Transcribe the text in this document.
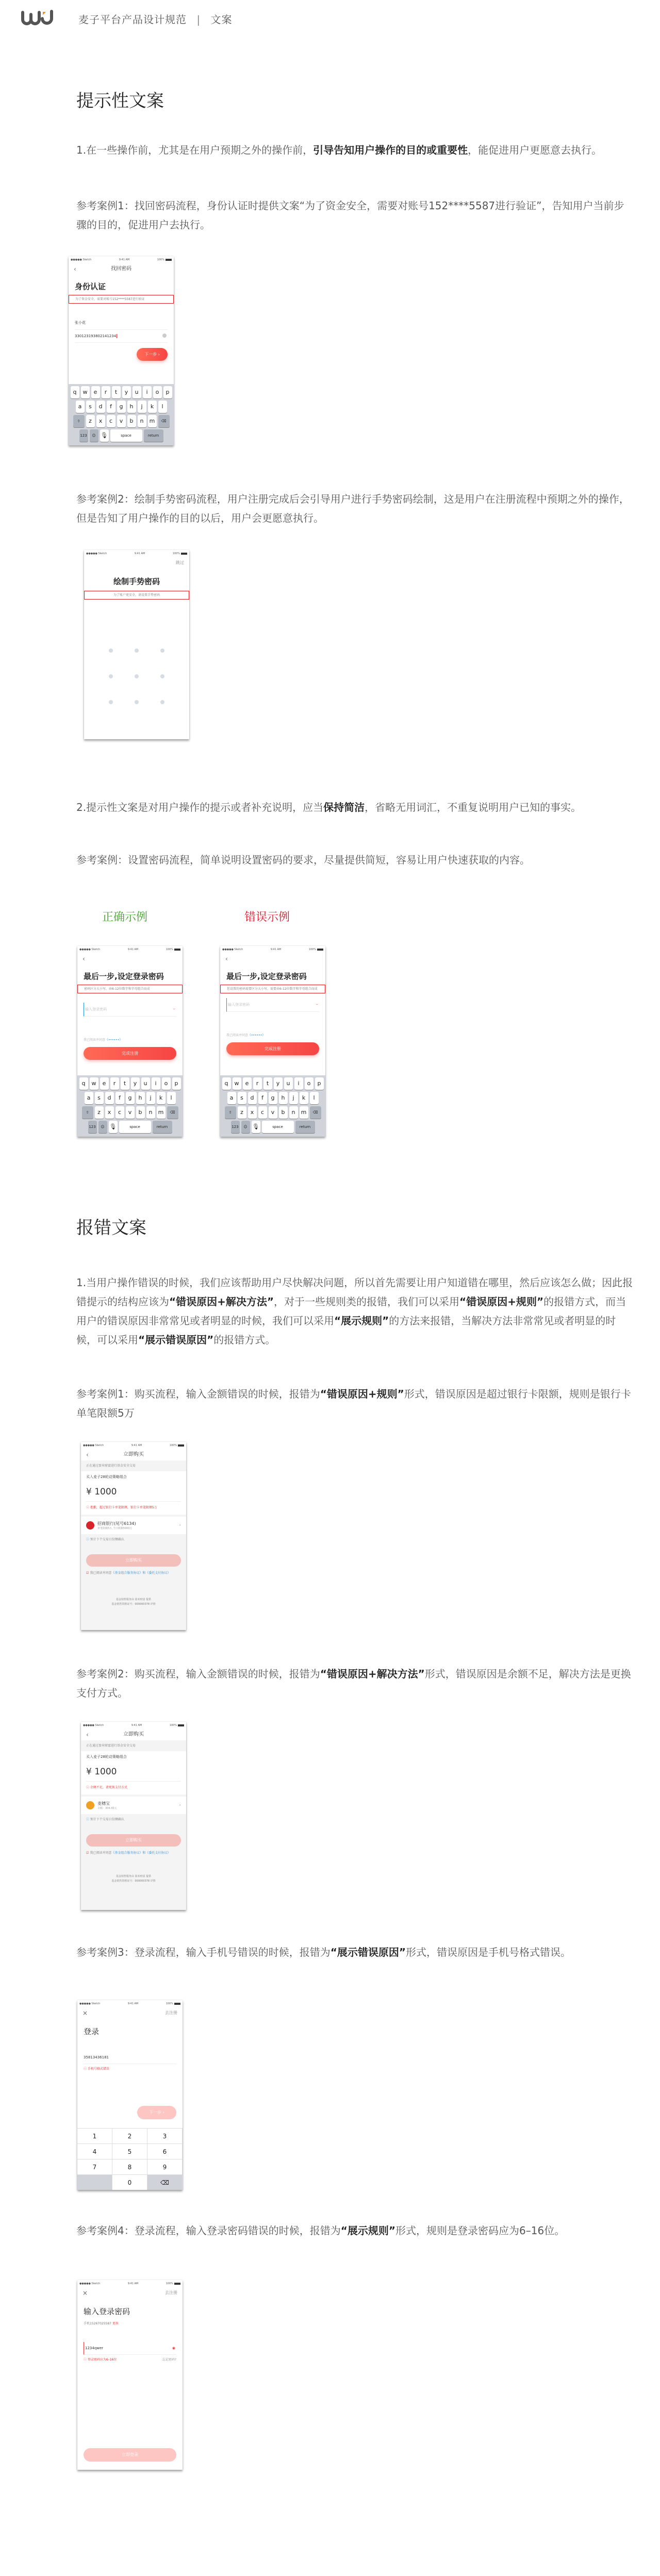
麦子平台产品设计规范 | 文案
提示性文案

1.在一些操作前，尤其是在用户预期之外的操作前，引导告知用户操作的目的或重要性，能促进用户更愿意去执行。

参考案例1：找回密码流程，身份认证时提供文案“为了资金安全，需要对账号152****5587进行验证”，告知用户当前步骤的目的，促进用户去执行。

●●●●● Sketch	9:41 AM	100%
‹	找回密码
身份认证
为了资金安全，需要对帐号152****5587进行验证
张小花
330123193802141234
下一步 ›
q	w	e	r	t	y	u	i	o	p
a	s	d	f	g	h	j	k	l
⇧	z	x	c	v	b	n	m	⌫
123	☺ 🎙	space	return

参考案例2：绘制手势密码流程，用户注册完成后会引导用户进行手势密码绘制，这是用户在注册流程中预期之外的操作，但是告知了用户操作的目的以后，用户会更愿意执行。

●●●●● Sketch	9:41 AM	100%
跳过
绘制手势密码
为了账户更安全，请设置手势密码

2.提示性文案是对用户操作的提示或者补充说明，应当保持简洁，省略无用词汇，不重复说明用户已知的事实。

参考案例：设置密码流程，简单说明设置密码的要求，尽量提供简短，容易让用户快速获取的内容。

正确示例	错误示例
●●●●● Sketch	9:41 AM	100%
‹
最后一步,设定登录密码
密码区分大小写，由6-12位数字和字母组合而成
输入登录密码	⌣
我已阅读并同意《••••••》
完成注册
q	w	e	r	t	y	u	i	o	p
a	s	d	f	g	h	j	k	l
⇧	z	x	c	v	b	n	m	⌫
123	☺ 🎙	space	return
●●●●● Sketch	9:41 AM	100%
‹
最后一步,设定登录密码
您设置的密码需要区分大小写，需要由6-12位数字和字母组合而成
输入登录密码	⌣
我已阅读并同意《••••••》
完成注册
q	w	e	r	t	y	u	i	o	p
a	s	d	f	g	h	j	k	l
⇧	z	x	c	v	b	n	m	⌫
123	☺ 🎙	space	return
报错文案

1.当用户操作错误的时候，我们应该帮助用户尽快解决问题，所以首先需要让用户知道错在哪里，然后应该怎么做；因此报错提示的结构应该为“错误原因+解决方法”，对于一些规则类的报错，我们可以采用“错误原因+规则”的报错方式，而当用户的错误原因非常常见或者明显的时候，我们可以采用“展示规则”的方法来报错，当解决方法非常常见或者明显的时候，可以采用“展示错误原因”的报错方式。

参考案例1：购买流程，输入金额错误的时候，报错为“错误原因+规则”形式，错误原因是超过银行卡限额，规则是银行卡单笔限额5万

●●●●● Sketch	9:41 AM	100%
‹	立即购买
正在通过盈米财富进行基金安全交易
买入麦子28轮动策略组合
¥ 1000
ⓘ 抱歉，超过银行卡单笔限额，银行卡单笔限额5万
招商银行(尾号6134)
单笔限额5万,当日限额5000万
›
ⓘ 预计下个交易日份额确认
立即购买
☑ 我已阅读并同意《基金组合服务协议》和《委托支付协议》
基金销售服务由 盈米财富 提供
基金销售资格证号：000000378 详情

参考案例2：购买流程，输入金额错误的时候，报错为“错误原因+解决方法”形式，错误原因是余额不足，解决方法是更换支付方式。

●●●●● Sketch	9:41 AM	100%
‹	立即购买
正在通过盈米财富进行基金安全交易
买入麦子28轮动策略组合
¥ 1000
ⓘ 余额不足，请更换支付方式
麦穗宝
余额：304.45元
›
ⓘ 预计下个交易日份额确认
立即购买
☑ 我已阅读并同意《基金组合服务协议》和《委托支付协议》
基金销售服务由 盈米财富 提供
基金销售资格证号：000000378 详情

参考案例3：登录流程，输入手机号错误的时候，报错为“展示错误原因”形式，错误原因是手机号格式错误。

●●●●● Sketch	9:41 AM	100%
×	去注册
登录
35813436181
ⓘ 手机号格式错误
下一步 ›
1	2	3
4	5	6
7	8	9
0	⌫

参考案例4：登录流程，输入登录密码错误的时候，报错为“展示规则”形式，规则是登录密码应为6–16位。

●●●●● Sketch	9:41 AM	100%
×	去注册
输入登录密码
手机15267025587 更换
1234qwer	◉
ⓘ 登录密码应为6–16位	忘记密码?
立即登录
